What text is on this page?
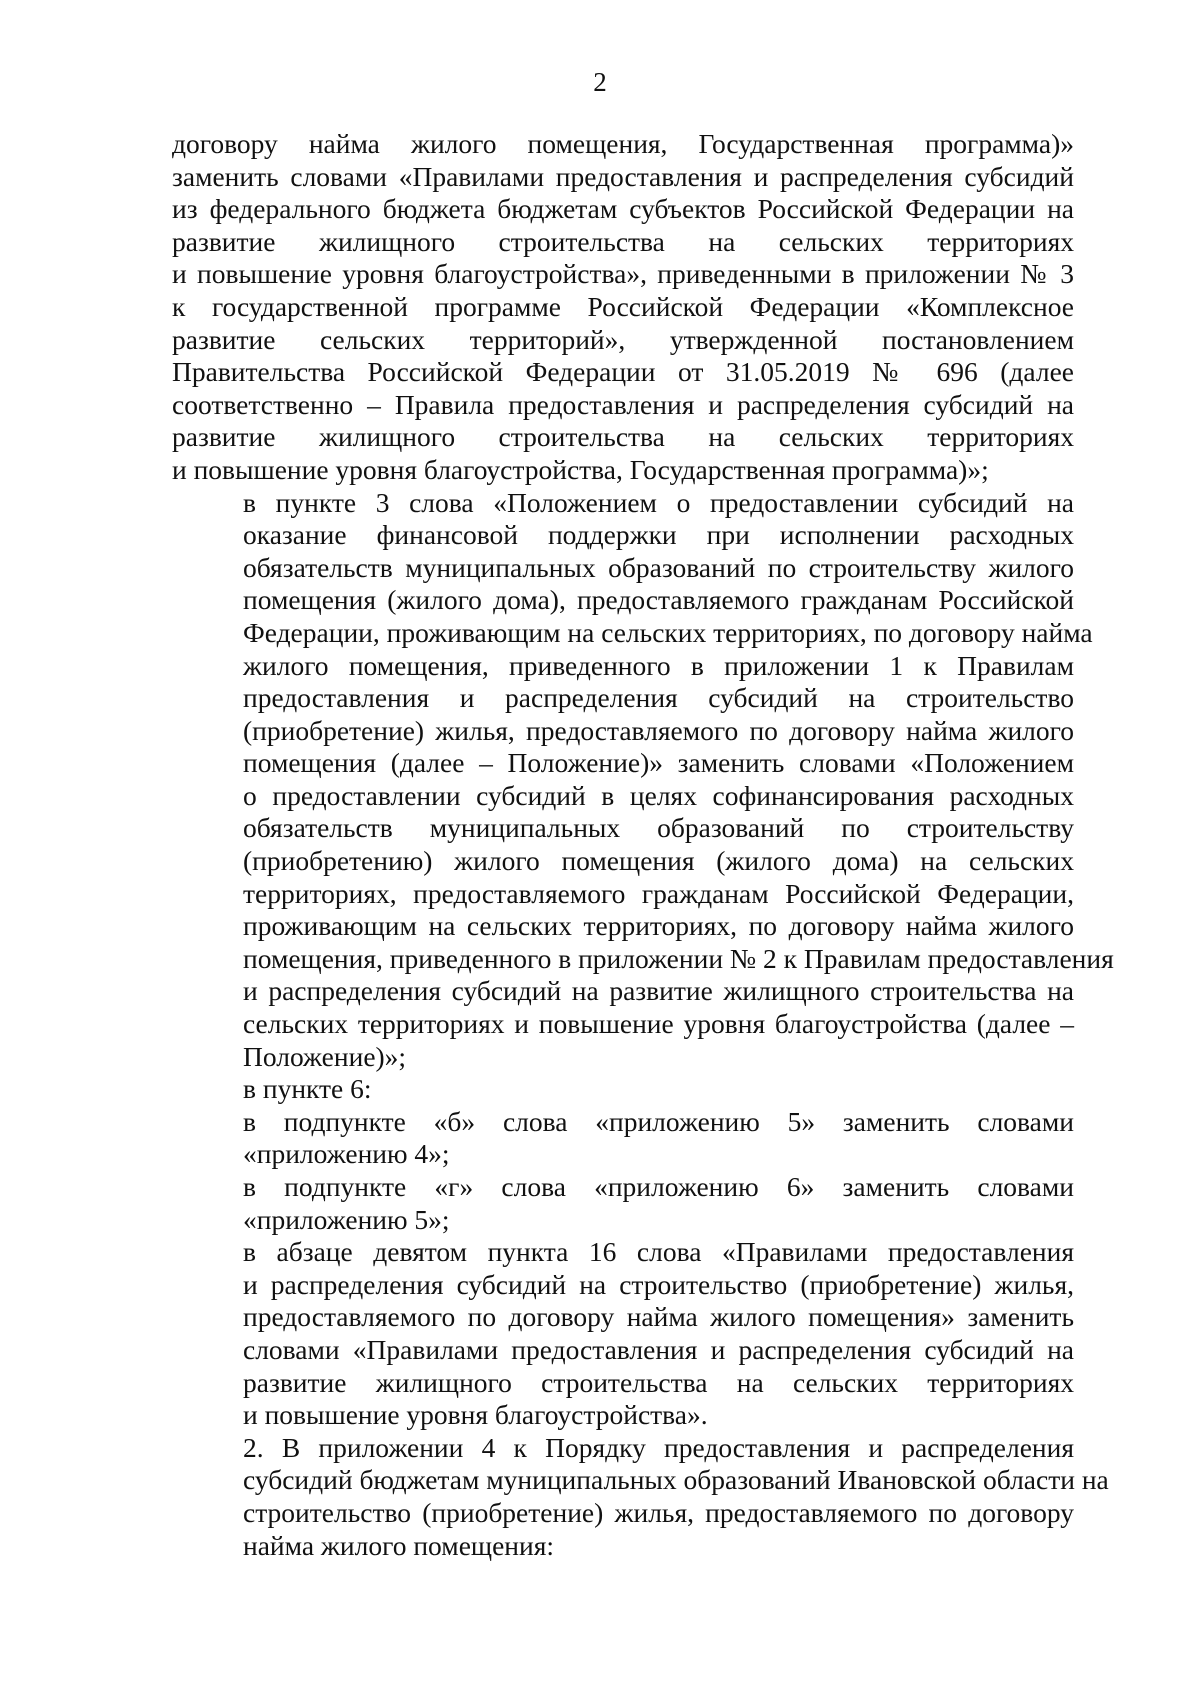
2

договору найма жилого помещения, Государственная программа)»
заменить словами «Правилами предоставления и распределения субсидий
из федерального бюджета бюджетам субъектов Российской Федерации на
развитие жилищного строительства на сельских территориях
и повышение уровня благоустройства», приведенными в приложении № 3
к государственной программе Российской Федерации «Комплексное
развитие сельских территорий», утвержденной постановлением
Правительства Российской Федерации от 31.05.2019 № 696 (далее
соответственно – Правила предоставления и распределения субсидий на
развитие жилищного строительства на сельских территориях
и повышение уровня благоустройства, Государственная программа)»;

в пункте 3 слова «Положением о предоставлении субсидий на
оказание финансовой поддержки при исполнении расходных
обязательств муниципальных образований по строительству жилого
помещения (жилого дома), предоставляемого гражданам Российской
Федерации, проживающим на сельских территориях, по договору найма
жилого помещения, приведенного в приложении 1 к Правилам
предоставления и распределения субсидий на строительство
(приобретение) жилья, предоставляемого по договору найма жилого
помещения (далее – Положение)» заменить словами «Положением
о предоставлении субсидий в целях софинансирования расходных
обязательств муниципальных образований по строительству
(приобретению) жилого помещения (жилого дома) на сельских
территориях, предоставляемого гражданам Российской Федерации,
проживающим на сельских территориях, по договору найма жилого
помещения, приведенного в приложении № 2 к Правилам предоставления
и распределения субсидий на развитие жилищного строительства на
сельских территориях и повышение уровня благоустройства (далее –
Положение)»;

в пункте 6:

в подпункте «б» слова «приложению 5» заменить словами
«приложению 4»;

в подпункте «г» слова «приложению 6» заменить словами
«приложению 5»;

в абзаце девятом пункта 16 слова «Правилами предоставления
и распределения субсидий на строительство (приобретение) жилья,
предоставляемого по договору найма жилого помещения» заменить
словами «Правилами предоставления и распределения субсидий на
развитие жилищного строительства на сельских территориях
и повышение уровня благоустройства».

2. В приложении 4 к Порядку предоставления и распределения
субсидий бюджетам муниципальных образований Ивановской области на
строительство (приобретение) жилья, предоставляемого по договору
найма жилого помещения:
